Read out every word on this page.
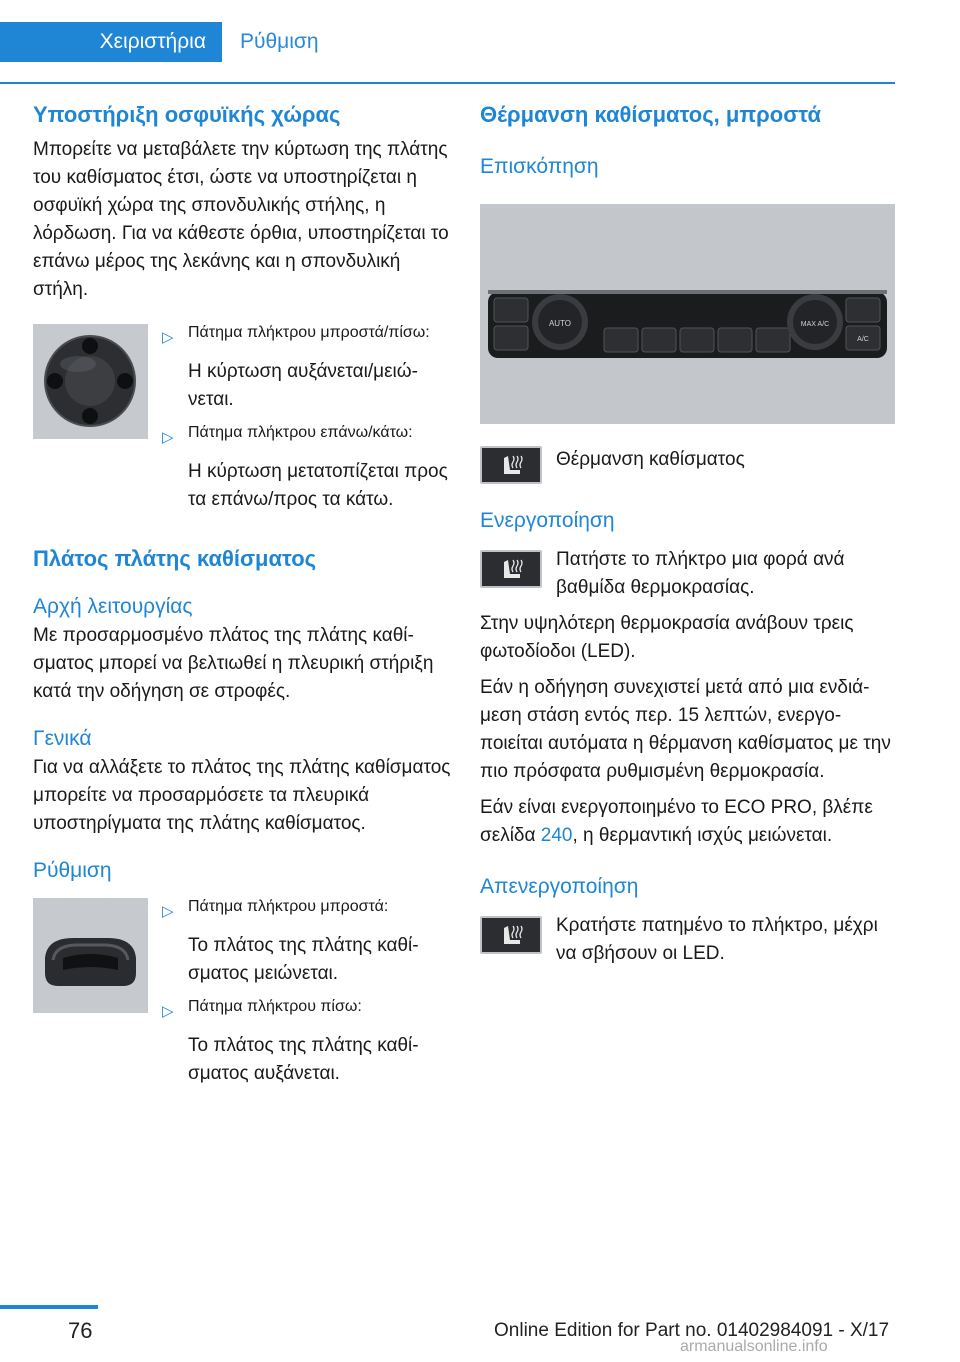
Χειριστήρια	Ρύθμιση
Υποστήριξη οσφυϊκής χώρας

Μπορείτε να μεταβάλετε την κύρτωση της πλάτης του καθίσματος έτσι, ώστε να υποστηρίζεται η οσφυϊκή χώρα της σπονδυλικής στήλης, η λόρδωση. Για να κάθεστε όρθια, υποστηρίζεται το επάνω μέρος της λεκάνης και η σπονδυλική στήλη.

▷ Πάτημα πλήκτρου μπροστά/πίσω:

Η κύρτωση αυξάνεται/μειώνεται.

▷ Πάτημα πλήκτρου επάνω/κάτω:

Η κύρτωση μετατοπίζεται προς τα επάνω/προς τα κάτω.

Πλάτος πλάτης καθίσματος
Αρχή λειτουργίας

Με προσαρμοσμένο πλάτος της πλάτης καθίσματος μπορεί να βελτιωθεί η πλευρική στήριξη κατά την οδήγηση σε στροφές.

Γενικά

Για να αλλάξετε το πλάτος της πλάτης καθίσματος μπορείτε να προσαρμόσετε τα πλευρικά υποστηρίγματα της πλάτης καθίσματος.

Ρύθμιση
▷ Πάτημα πλήκτρου μπροστά:

Το πλάτος της πλάτης καθίσματος μειώνεται.

▷ Πάτημα πλήκτρου πίσω:

Το πλάτος της πλάτης καθίσματος αυξάνεται.

Θέρμανση καθίσματος, μπροστά
Επισκόπηση
AUTO	MAX A/C
A/C

Θέρμανση καθίσματος

Ενεργοποίηση

Πατήστε το πλήκτρο μια φορά ανά βαθμίδα θερμοκρασίας.

Στην υψηλότερη θερμοκρασία ανάβουν τρεις φωτοδίοδοι (LED).

Εάν η οδήγηση συνεχιστεί μετά από μια ενδιάμεση στάση εντός περ. 15 λεπτών, ενεργοποιείται αυτόματα η θέρμανση καθίσματος με την πιο πρόσφατα ρυθμισμένη θερμοκρασία.

Εάν είναι ενεργοποιημένο το ECO PRO, βλέπε σελίδα 240, η θερμαντική ισχύς μειώνεται.

Απενεργοποίηση

Κρατήστε πατημένο το πλήκτρο, μέχρι να σβήσουν οι LED.

76	Online Edition for Part no. 01402984091 - X/17
armanualsonline.info
